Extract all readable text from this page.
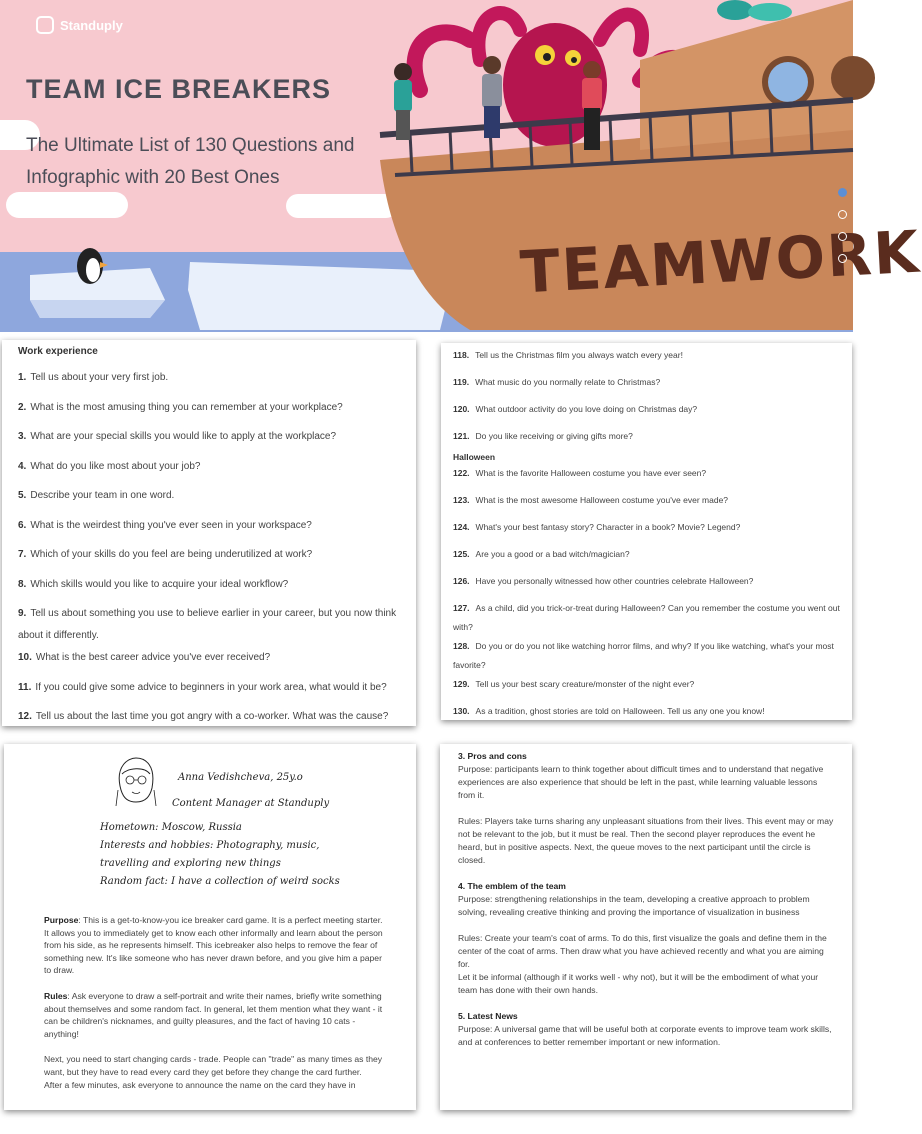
Standuply
TEAM ICE BREAKERS
The Ultimate List of 130 Questions and Infographic with 20 Best Ones
TEAMWORK
Work experience
1. Tell us about your very first job.
2. What is the most amusing thing you can remember at your workplace?
3. What are your special skills you would like to apply at the workplace?
4. What do you like most about your job?
5. Describe your team in one word.
6. What is the weirdest thing you've ever seen in your workspace?
7. Which of your skills do you feel are being underutilized at work?
8. Which skills would you like to acquire your ideal workflow?
9. Tell us about something you use to believe earlier in your career, but you now think about it differently.
10. What is the best career advice you've ever received?
11. If you could give some advice to beginners in your work area, what would it be?
12. Tell us about the last time you got angry with a co-worker. What was the cause?
118. Tell us the Christmas film you always watch every year!
119. What music do you normally relate to Christmas?
120. What outdoor activity do you love doing on Christmas day?
121. Do you like receiving or giving gifts more?
Halloween
122. What is the favorite Halloween costume you have ever seen?
123. What is the most awesome Halloween costume you've ever made?
124. What's your best fantasy story? Character in a book? Movie? Legend?
125. Are you a good or a bad witch/magician?
126. Have you personally witnessed how other countries celebrate Halloween?
127. As a child, did you trick-or-treat during Halloween? Can you remember the costume you went out with?
128. Do you or do you not like watching horror films, and why? If you like watching, what's your most favorite?
129. Tell us your best scary creature/monster of the night ever?
130. As a tradition, ghost stories are told on Halloween. Tell us any one you know!
Anna Vedishcheva, 25y.o
Content Manager at Standuply
Hometown: Moscow, Russia
Interests and hobbies: Photography, music,
travelling and exploring new things
Random fact: I have a collection of weird socks

Purpose: This is a get-to-know-you ice breaker card game. It is a perfect meeting starter. It allows you to immediately get to know each other informally and learn about the person from his side, as he represents himself. This icebreaker also helps to remove the fear of something new. It's like someone who has never drawn before, and you give him a paper to draw.

Rules: Ask everyone to draw a self-portrait and write their names, briefly write something about themselves and some random fact. In general, let them mention what they want - it can be children's nicknames, and guilty pleasures, and the fact of having 10 cats - anything!

Next, you need to start changing cards - trade. People can "trade" as many times as they want, but they have to read every card they get before they change the card further.

After a few minutes, ask everyone to announce the name on the card they have in

3. Pros and cons
Purpose: participants learn to think together about difficult times and to understand that negative experiences are also experience that should be left in the past, while learning valuable lessons from it.
Rules: Players take turns sharing any unpleasant situations from their lives. This event may or may not be relevant to the job, but it must be real. Then the second player reproduces the event he heard, but in positive aspects. Next, the queue moves to the next participant until the circle is closed.
4. The emblem of the team
Purpose: strengthening relationships in the team, developing a creative approach to problem solving, revealing creative thinking and proving the importance of visualization in business
Rules: Create your team's coat of arms. To do this, first visualize the goals and define them in the center of the coat of arms. Then draw what you have achieved recently and what you are aiming for.
Let it be informal (although if it works well - why not), but it will be the embodiment of what your team has done with their own hands.
5. Latest News
Purpose: A universal game that will be useful both at corporate events to improve team work skills, and at conferences to better remember important or new information.
